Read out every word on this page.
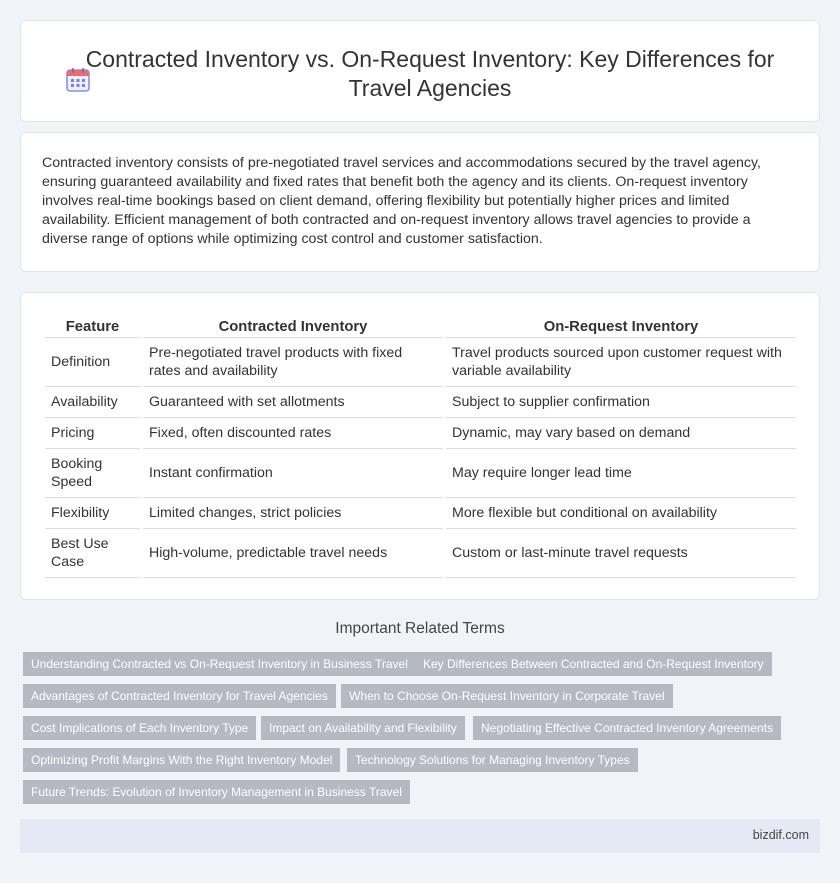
Contracted Inventory vs. On-Request Inventory: Key Differences for Travel Agencies

Contracted inventory consists of pre-negotiated travel services and accommodations secured by the travel agency, ensuring guaranteed availability and fixed rates that benefit both the agency and its clients. On-request inventory involves real-time bookings based on client demand, offering flexibility but potentially higher prices and limited availability. Efficient management of both contracted and on-request inventory allows travel agencies to provide a diverse range of options while optimizing cost control and customer satisfaction.

Feature	Contracted Inventory	On-Request Inventory
Definition	Pre-negotiated travel products with fixed rates and availability	Travel products sourced upon customer request with variable availability
Availability	Guaranteed with set allotments	Subject to supplier confirmation
Pricing	Fixed, often discounted rates	Dynamic, may vary based on demand
Booking Speed	Instant confirmation	May require longer lead time
Flexibility	Limited changes, strict policies	More flexible but conditional on availability
Best Use Case	High-volume, predictable travel needs	Custom or last-minute travel requests
Important Related Terms
Understanding Contracted vs On-Request Inventory in Business Travel	Key Differences Between Contracted and On-Request Inventory
Advantages of Contracted Inventory for Travel Agencies	When to Choose On-Request Inventory in Corporate Travel
Cost Implications of Each Inventory Type	Impact on Availability and Flexibility	Negotiating Effective Contracted Inventory Agreements
Optimizing Profit Margins With the Right Inventory Model	Technology Solutions for Managing Inventory Types
Future Trends: Evolution of Inventory Management in Business Travel
bizdif.com
